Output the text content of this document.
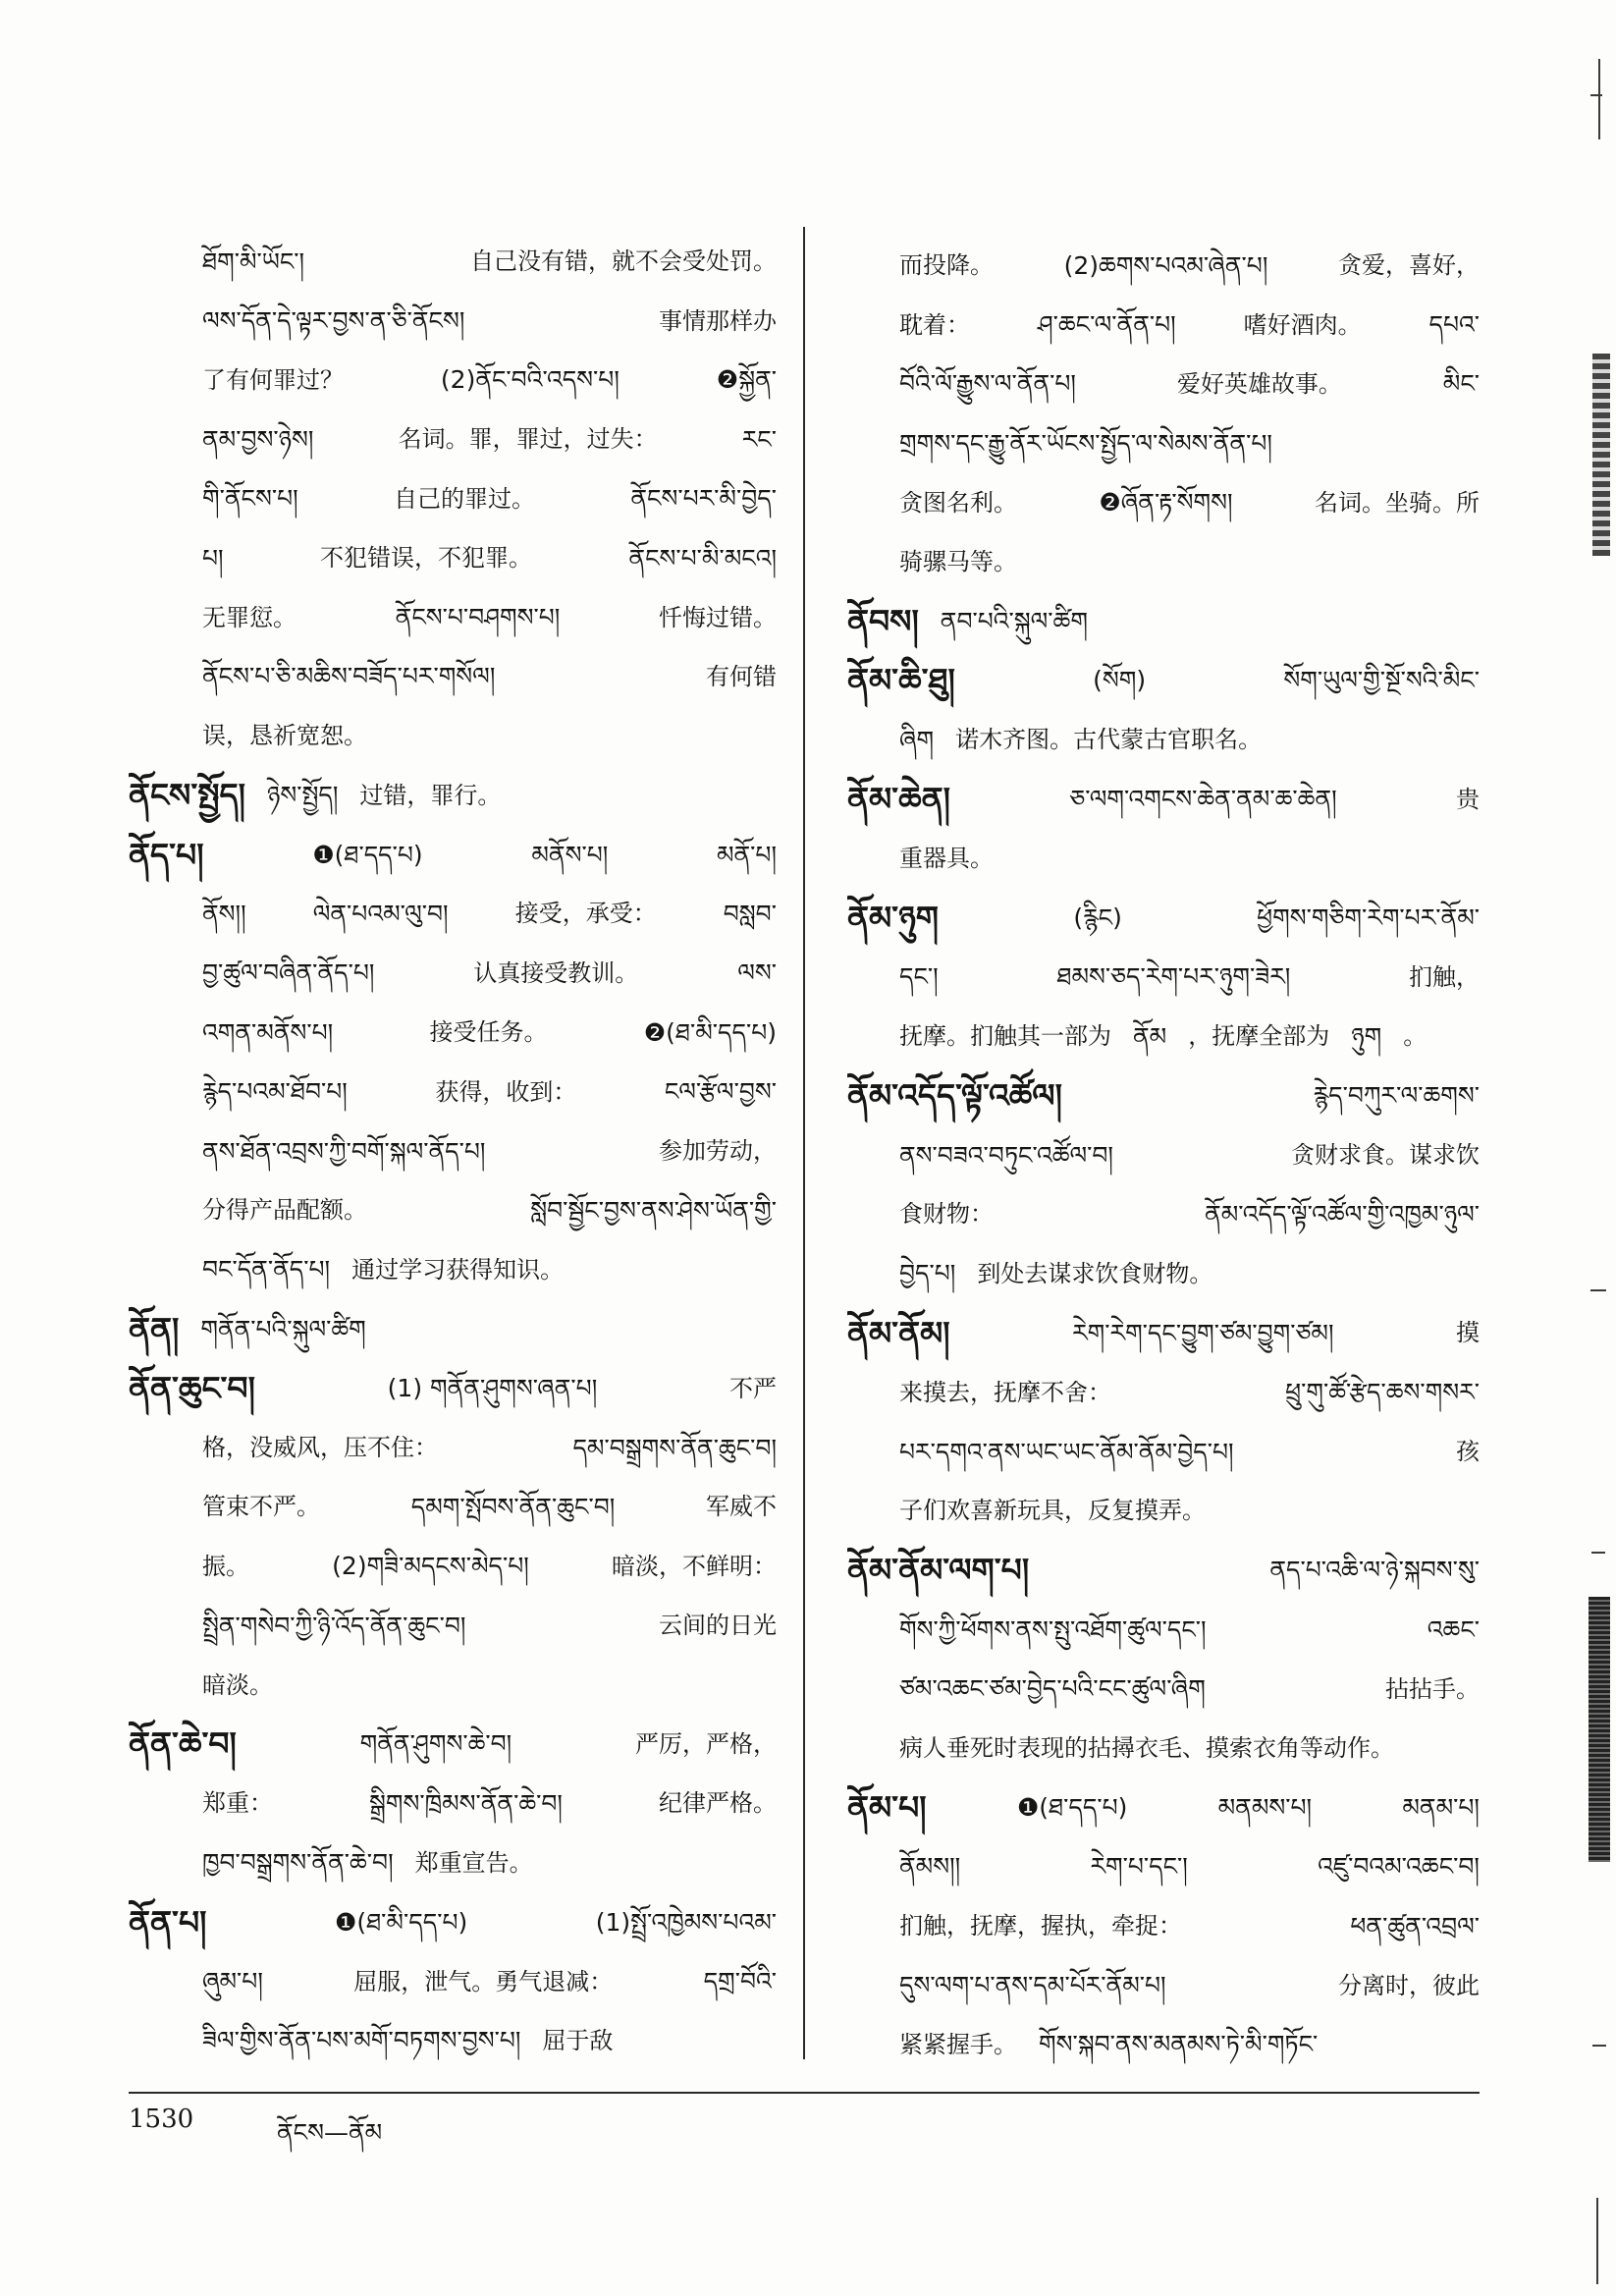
ཐོག་མི་ཡོང་།	自己没有错，就不会受处罚。
ལས་དོན་དེ་ལྟར་བྱས་ན་ཅི་ནོངས།	事情那样办
了有何罪过？	(2)ནོང་བའི་འདས་པ།	❷སྐྱོན་
ནམ་བྱས་ཉེས།	名词。罪，罪过，过失：	རང་
གི་ནོངས་པ།	自己的罪过。	ནོངས་པར་མི་བྱེད་
པ།	不犯错误，不犯罪。	ནོངས་པ་མི་མངའ།
无罪愆。	ནོངས་པ་བཤགས་པ།	忏悔过错。
ནོངས་པ་ཅི་མཆིས་བཟོད་པར་གསོལ།	有何错
误，恳祈宽恕。
ནོངས་སྤྱོད། ཉེས་སྤྱོད། 过错，罪行。
ནོད་པ།	❶(ཐ་དད་པ)	མནོས་པ།	མནོ་པ།
ནོས།།	ལེན་པའམ་ལུ་བ།	接受，承受：	བསླབ་
བྱ་ཚུལ་བཞིན་ནོད་པ།	认真接受教训。	ལས་
འགན་མནོས་པ།	接受任务。	❷(ཐ་མི་དད་པ)
རྙེད་པའམ་ཐོབ་པ།	获得，收到：	ངལ་རྩོལ་བྱས་
ནས་ཐོན་འབྲས་ཀྱི་བགོ་སྐལ་ནོད་པ།	参加劳动，
分得产品配额。	སློབ་སྦྱོང་བྱས་ནས་ཤེས་ཡོན་གྱི་
བང་དོན་ནོད་པ། 通过学习获得知识。
ནོན། གནོན་པའི་སྐུལ་ཚིག
ནོན་ཆུང་བ།	(1) གནོན་ཤུགས་ཞན་པ།	不严
格，没威风，压不住：	དམ་བསྒྲགས་ནོན་ཆུང་བ།
管束不严。	དམག་སྤོབས་ནོན་ཆུང་བ།	军威不
振。	(2)གཟི་མདངས་མེད་པ།	暗淡，不鲜明：
སྤྲིན་གསེབ་ཀྱི་ཉི་འོད་ནོན་ཆུང་བ།	云间的日光
暗淡。
ནོན་ཆེ་བ།	གནོན་ཤུགས་ཆེ་བ།	严厉，严格，
郑重：	སྒྲིགས་ཁྲིམས་ནོན་ཆེ་བ།	纪律严格。
ཁྱབ་བསྒྲགས་ནོན་ཆེ་བ། 郑重宣告。
ནོན་པ།	❶(ཐ་མི་དད་པ)	(1)སྤྲོ་འཁྱེམས་པའམ་
ཞུམ་པ།	屈服，泄气。勇气退减：	དགྲ་བོའི་
ཟིལ་གྱིས་ནོན་པས་མགོ་བཏགས་བྱས་པ། 屈于敌
而投降。	(2)ཆགས་པའམ་ཞེན་པ།	贪爱，喜好，
耽着：	ཤ་ཆང་ལ་ནོན་པ།	嗜好酒肉。	དཔའ་
བོའི་ལོ་རྒྱུས་ལ་ནོན་པ།	爱好英雄故事。	མིང་
གྲགས་དང་རྒྱུ་ནོར་ཡོངས་སྤྱོད་ལ་སེམས་ནོན་པ།
贪图名利。	❷ཞོན་རྟ་སོགས།	名词。坐骑。所
骑骡马等。
ནོབས། ནབ་པའི་སྐུལ་ཚིག
ནོམ་ཆི་ཐུ།	(སོག)	སོག་ཡུལ་གྱི་སྔོ་སའི་མིང་
ཞིག 诺木齐图。古代蒙古官职名。
ནོམ་ཆེན།	ཅ་ལག་འགངས་ཆེན་ནམ་ཆ་ཆེན།	贵
重器具。
ནོམ་ཉུག	(རྙིང)	ཕྱོགས་གཅིག་རེག་པར་ནོམ་
དང་།	ཐམས་ཅད་རེག་པར་ཉུག་ཟེར།	扪触，
抚摩。扪触其一部为 ནོམ ，抚摩全部为 ཉུག 。
ནོམ་འདོད་ལྟོ་འཚོལ།	རྙེད་བཀུར་ལ་ཆགས་
ནས་བཟའ་བཏུང་འཚོལ་བ།	贪财求食。谋求饮
食财物：	ནོམ་འདོད་ལྟོ་འཚོལ་གྱི་འཁྱམ་ཉུལ་
བྱེད་པ། 到处去谋求饮食财物。
ནོམ་ནོམ།	རེག་རེག་དང་བྱུག་ཙམ་བྱུག་ཙམ།	摸
来摸去，抚摩不舍：	ཕྲུ་གུ་ཚོ་རྩེད་ཆས་གསར་
པར་དགའ་ནས་ཡང་ཡང་ནོམ་ནོམ་བྱེད་པ།	孩
子们欢喜新玩具，反复摸弄。
ནོམ་ནོམ་ལག་པ།	ནད་པ་འཆི་ལ་ཉེ་སྐབས་སུ་
གོས་ཀྱི་ཕོགས་ནས་སྤུ་འཐོག་ཚུལ་དང་།	འཆང་
ཙམ་འཆང་ཙམ་བྱེད་པའི་ངང་ཚུལ་ཞིག	拈拈手。
病人垂死时表现的拈撏衣毛、摸索衣角等动作。
ནོམ་པ།	❶(ཐ་དད་པ)	མནམས་པ།	མནམ་པ།
ནོམས།།	རེག་པ་དང་།	འཛུ་བའམ་འཆང་བ།
扪触，抚摩，握执，牵捉：	ཕན་ཚུན་འབྲལ་
དུས་ལག་པ་ནས་དམ་པོར་ནོམ་པ།	分离时，彼此
紧紧握手。 གོས་སྐབ་ནས་མནམས་ཏེ་མི་གཏོང་
1530	ནོངས—ནོམ
